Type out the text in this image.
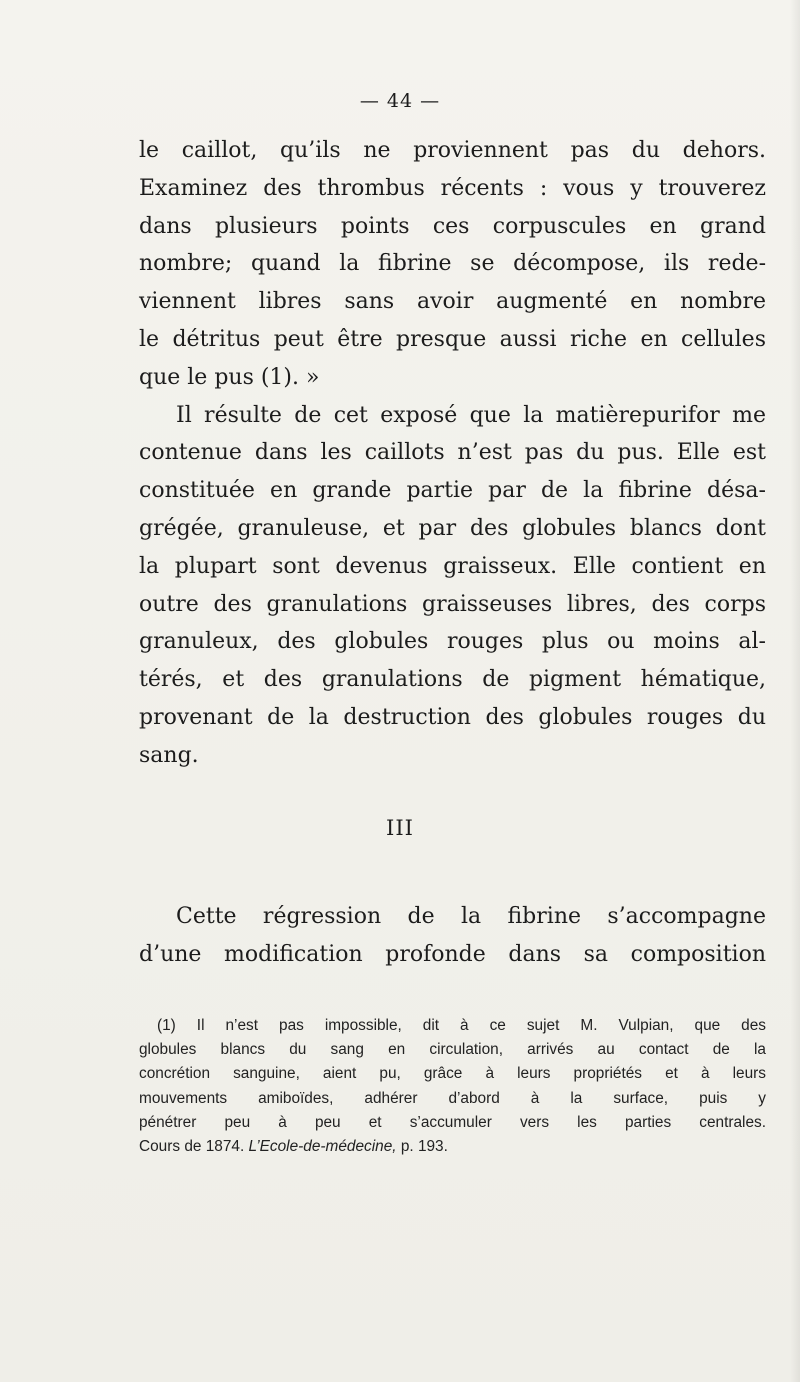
— 44 —
le caillot, qu’ils ne proviennent pas du dehors.
Examinez des thrombus récents : vous y trouverez
dans plusieurs points ces corpuscules en grand
nombre; quand la fibrine se décompose, ils rede-
viennent libres sans avoir augmenté en nombre
le détritus peut être presque aussi riche en cellules
que le pus (1). »
Il résulte de cet exposé que la matièrepurifor me
contenue dans les caillots n’est pas du pus. Elle est
constituée en grande partie par de la fibrine désa-
grégée, granuleuse, et par des globules blancs dont
la plupart sont devenus graisseux. Elle contient en
outre des granulations graisseuses libres, des corps
granuleux, des globules rouges plus ou moins al-
térés, et des granulations de pigment hématique,
provenant de la destruction des globules rouges du
sang.
III
Cette régression de la fibrine s’accompagne
d’une modification profonde dans sa composition
(1) Il n’est pas impossible, dit à ce sujet M. Vulpian, que des
globules blancs du sang en circulation, arrivés au contact de la
concrétion sanguine, aient pu, grâce à leurs propriétés et à leurs
mouvements amiboïdes, adhérer d’abord à la surface, puis y
pénétrer peu à peu et s’accumuler vers les parties centrales.
Cours de 1874. L’Ecole-de-médecine, p. 193.
